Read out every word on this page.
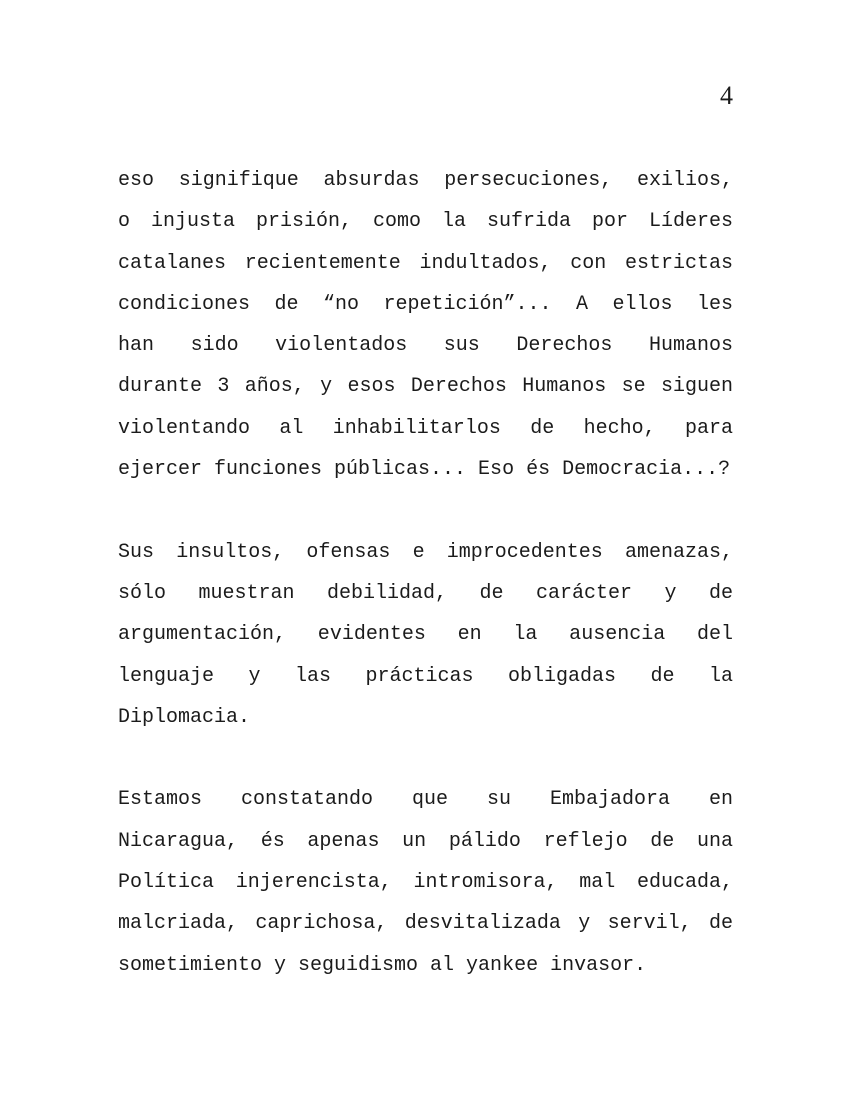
4
eso signifique absurdas persecuciones, exilios,
o injusta prisión, como la sufrida por Líderes
catalanes recientemente indultados, con estrictas
condiciones de “no repetición”... A ellos les
han sido violentados sus Derechos Humanos
durante 3 años, y esos Derechos Humanos se siguen
violentando al inhabilitarlos de hecho, para
ejercer funciones públicas... Eso és Democracia...?
Sus insultos, ofensas e improcedentes amenazas,
sólo muestran debilidad, de carácter y de
argumentación, evidentes en la ausencia del
lenguaje y las prácticas obligadas de la
Diplomacia.
Estamos constatando que su Embajadora en
Nicaragua, és apenas un pálido reflejo de una
Política injerencista, intromisora, mal educada,
malcriada, caprichosa, desvitalizada y servil, de
sometimiento y seguidismo al yankee invasor.
